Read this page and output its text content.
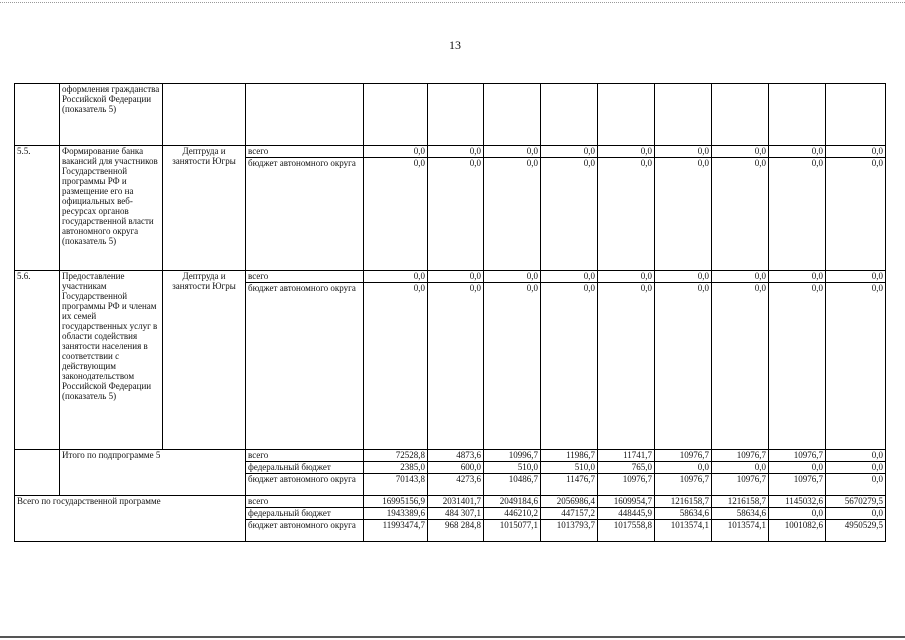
13
	оформления гражданства Российской Федерации (показатель 5)											
5.5.	Формирование банка вакансий для участников Государственной программы РФ и размещение его на официальных веб-ресурсах органов государственной власти автономного округа (показатель 5)	Дептруда и занятости Югры	всего	0,0	0,0	0,0	0,0	0,0	0,0	0,0	0,0	0,0
			бюджет автономного округа	0,0	0,0	0,0	0,0	0,0	0,0	0,0	0,0	0,0
5.6.	Предоставление участникам Государственной программы РФ и членам их семей государственных услуг в области содействия занятости населения в соответствии с действующим законодательством Российской Федерации (показатель 5)	Дептруда и занятости Югры	всего	0,0	0,0	0,0	0,0	0,0	0,0	0,0	0,0	0,0
			бюджет автономного округа	0,0	0,0	0,0	0,0	0,0	0,0	0,0	0,0	0,0
	Итого по подпрограмме 5		всего	72528,8	4873,6	10996,7	11986,7	11741,7	10976,7	10976,7	10976,7	0,0
			федеральный бюджет	2385,0	600,0	510,0	510,0	765,0	0,0	0,0	0,0	0,0
			бюджет автономного округа	70143,8	4273,6	10486,7	11476,7	10976,7	10976,7	10976,7	10976,7	0,0
Всего по государственной программе			всего	16995156,9	2031401,7	2049184,6	2056986,4	1609954,7	1216158,7	1216158,7	1145032,6	5670279,5
			федеральный бюджет	1943389,6	484 307,1	446210,2	447157,2	448445,9	58634,6	58634,6	0,0	0,0
			бюджет автономного округа	11993474,7	968 284,8	1015077,1	1013793,7	1017558,8	1013574,1	1013574,1	1001082,6	4950529,5
